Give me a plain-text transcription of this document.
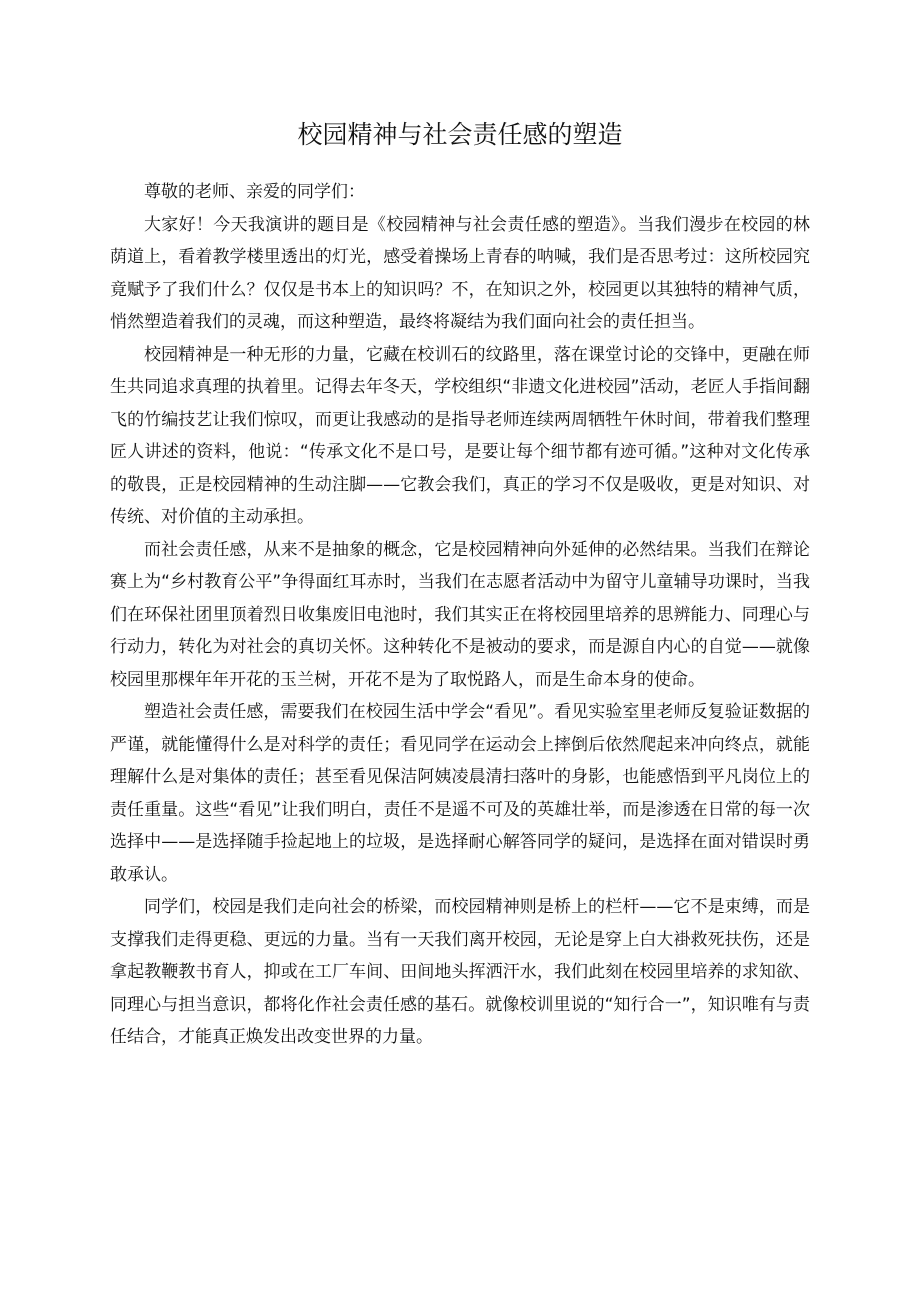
校园精神与社会责任感的塑造

尊敬的老师、亲爱的同学们：

大家好！今天我演讲的题目是《校园精神与社会责任感的塑造》。当我们漫步在校园的林荫道上，看着教学楼里透出的灯光，感受着操场上青春的呐喊，我们是否思考过：这所校园究竟赋予了我们什么？仅仅是书本上的知识吗？不，在知识之外，校园更以其独特的精神气质，悄然塑造着我们的灵魂，而这种塑造，最终将凝结为我们面向社会的责任担当。

校园精神是一种无形的力量，它藏在校训石的纹路里，落在课堂讨论的交锋中，更融在师生共同追求真理的执着里。记得去年冬天，学校组织“非遗文化进校园”活动，老匠人手指间翻飞的竹编技艺让我们惊叹，而更让我感动的是指导老师连续两周牺牲午休时间，带着我们整理匠人讲述的资料，他说：“传承文化不是口号，是要让每个细节都有迹可循。”这种对文化传承的敬畏，正是校园精神的生动注脚——它教会我们，真正的学习不仅是吸收，更是对知识、对传统、对价值的主动承担。

而社会责任感，从来不是抽象的概念，它是校园精神向外延伸的必然结果。当我们在辩论赛上为“乡村教育公平”争得面红耳赤时，当我们在志愿者活动中为留守儿童辅导功课时，当我们在环保社团里顶着烈日收集废旧电池时，我们其实正在将校园里培养的思辨能力、同理心与行动力，转化为对社会的真切关怀。这种转化不是被动的要求，而是源自内心的自觉——就像校园里那棵年年开花的玉兰树，开花不是为了取悦路人，而是生命本身的使命。

塑造社会责任感，需要我们在校园生活中学会“看见”。看见实验室里老师反复验证数据的严谨，就能懂得什么是对科学的责任；看见同学在运动会上摔倒后依然爬起来冲向终点，就能理解什么是对集体的责任；甚至看见保洁阿姨凌晨清扫落叶的身影，也能感悟到平凡岗位上的责任重量。这些“看见”让我们明白，责任不是遥不可及的英雄壮举，而是渗透在日常的每一次选择中——是选择随手捡起地上的垃圾，是选择耐心解答同学的疑问，是选择在面对错误时勇敢承认。

同学们，校园是我们走向社会的桥梁，而校园精神则是桥上的栏杆——它不是束缚，而是支撑我们走得更稳、更远的力量。当有一天我们离开校园，无论是穿上白大褂救死扶伤，还是拿起教鞭教书育人，抑或在工厂车间、田间地头挥洒汗水，我们此刻在校园里培养的求知欲、同理心与担当意识，都将化作社会责任感的基石。就像校训里说的“知行合一”，知识唯有与责任结合，才能真正焕发出改变世界的力量。
